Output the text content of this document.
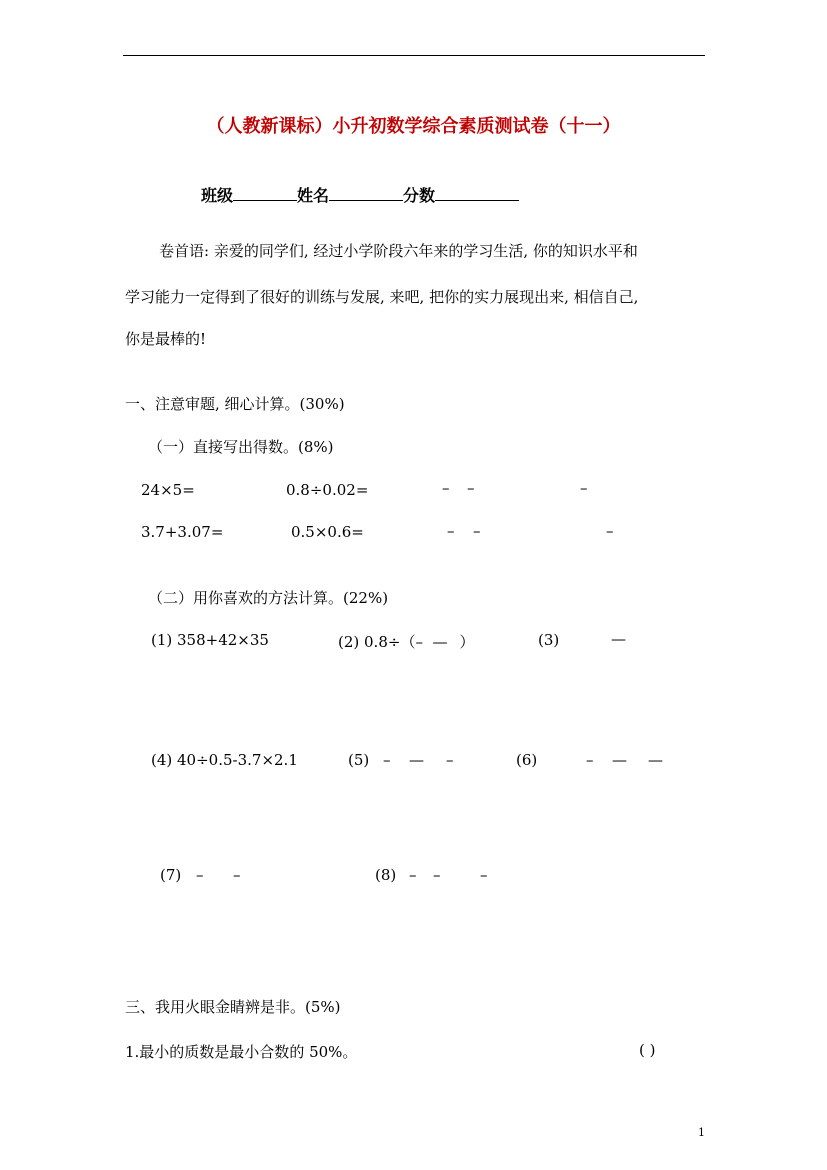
（人教新课标）小升初数学综合素质测试卷（十一）
班级	姓名	分数
卷首语: 亲爱的同学们, 经过小学阶段六年来的学习生活, 你的知识水平和
学习能力一定得到了很好的训练与发展, 来吧, 把你的实力展现出来, 相信自己,
你是最棒的!
一、注意审题, 细心计算。(30%)
（一）直接写出得数。(8%)
24×5=	0.8÷0.02=	– –	–
3.7+3.07=	0.5×0.6=	– –	–
（二）用你喜欢的方法计算。(22%)
(1) 358+42×35	(2) 0.8÷（–  — ）	(3)	—
(4) 40÷0.5-3.7×2.1	(5) – — –	(6)	– — —
(7) – –	(8) – –	–
三、我用火眼金睛辨是非。(5%)
1.最小的质数是最小合数的 50%。	( )
1
